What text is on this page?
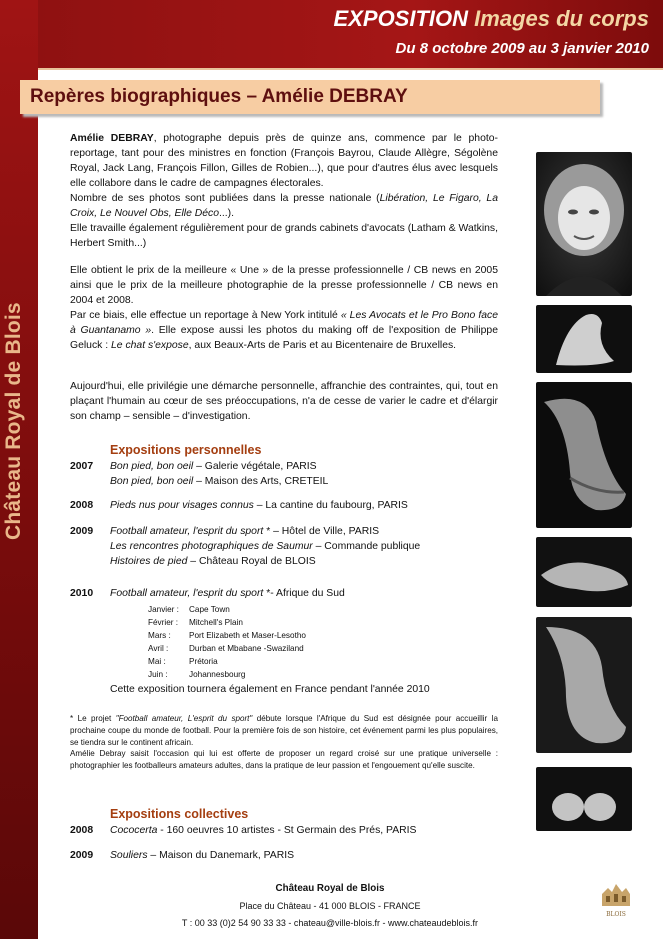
Château Royal de Blois
EXPOSITION Images du corps
Du 8 octobre 2009 au 3 janvier 2010
Repères biographiques – Amélie DEBRAY

Amélie DEBRAY, photographe depuis près de quinze ans, commence par le photo-reportage, tant pour des ministres en fonction (François Bayrou, Claude Allègre, Ségolène Royal, Jack Lang, François Fillon, Gilles de Robien...), que pour d'autres élus avec lesquels elle collabore dans le cadre de campagnes électorales.

Nombre de ses photos sont publiées dans la presse nationale (Libération, Le Figaro, La Croix, Le Nouvel Obs, Elle Déco...).

Elle travaille également régulièrement pour de grands cabinets d'avocats (Latham & Watkins, Herbert Smith...)

Elle obtient le prix de la meilleure « Une » de la presse professionnelle / CB news en 2005 ainsi que le prix de la meilleure photographie de la presse professionnelle / CB news en 2004 et 2008.

Par ce biais, elle effectue un reportage à New York intitulé « Les Avocats et le Pro Bono face à Guantanamo ». Elle expose aussi les photos du making off de l'exposition de Philippe Geluck : Le chat s'expose, aux Beaux-Arts de Paris et au Bicentenaire de Bruxelles.

Aujourd'hui, elle privilégie une démarche personnelle, affranchie des contraintes, qui, tout en plaçant l'humain au cœur de ses préoccupations, n'a de cesse de varier le cadre et d'élargir son champ – sensible – d'investigation.

Expositions personnelles
2007 Bon pied, bon oeil – Galerie végétale, PARIS
Bon pied, bon oeil – Maison des Arts, CRETEIL
2008 Pieds nus pour visages connus – La cantine du faubourg, PARIS
2009 Football amateur, l'esprit du sport * – Hôtel de Ville, PARIS
Les rencontres photographiques de Saumur – Commande publique
Histoires de pied – Château Royal de BLOIS
2010 Football amateur, l'esprit du sport *- Afrique du Sud
Janvier : Cape Town
Février : Mitchell's Plain
Mars : Port Elizabeth et Maser-Lesotho
Avril :	Durban et Mbabane -Swaziland
Mai :	Prétoria
Juin :	Johannesbourg
Cette exposition tournera également en France pendant l'année 2010

* Le projet "Football amateur, L'esprit du sport" débute lorsque l'Afrique du Sud est désignée pour accueillir la prochaine coupe du monde de football. Pour la première fois de son histoire, cet événement parmi les plus populaires, se tiendra sur le continent africain.

Amélie Debray saisit l'occasion qui lui est offerte de proposer un regard croisé sur une pratique universelle : photographier les footballeurs amateurs adultes, dans la pratique de leur passion et l'engouement qu'elle suscite.

Expositions collectives
2008 Cococerta - 160 oeuvres 10 artistes - St Germain des Prés, PARIS
2009 Souliers – Maison du Danemark, PARIS
Château Royal de Blois
Place du Château - 41 000 BLOIS - FRANCE
T : 00 33 (0)2 54 90 33 33 - chateau@ville-blois.fr - www.chateaudeblois.fr
BLOIS
